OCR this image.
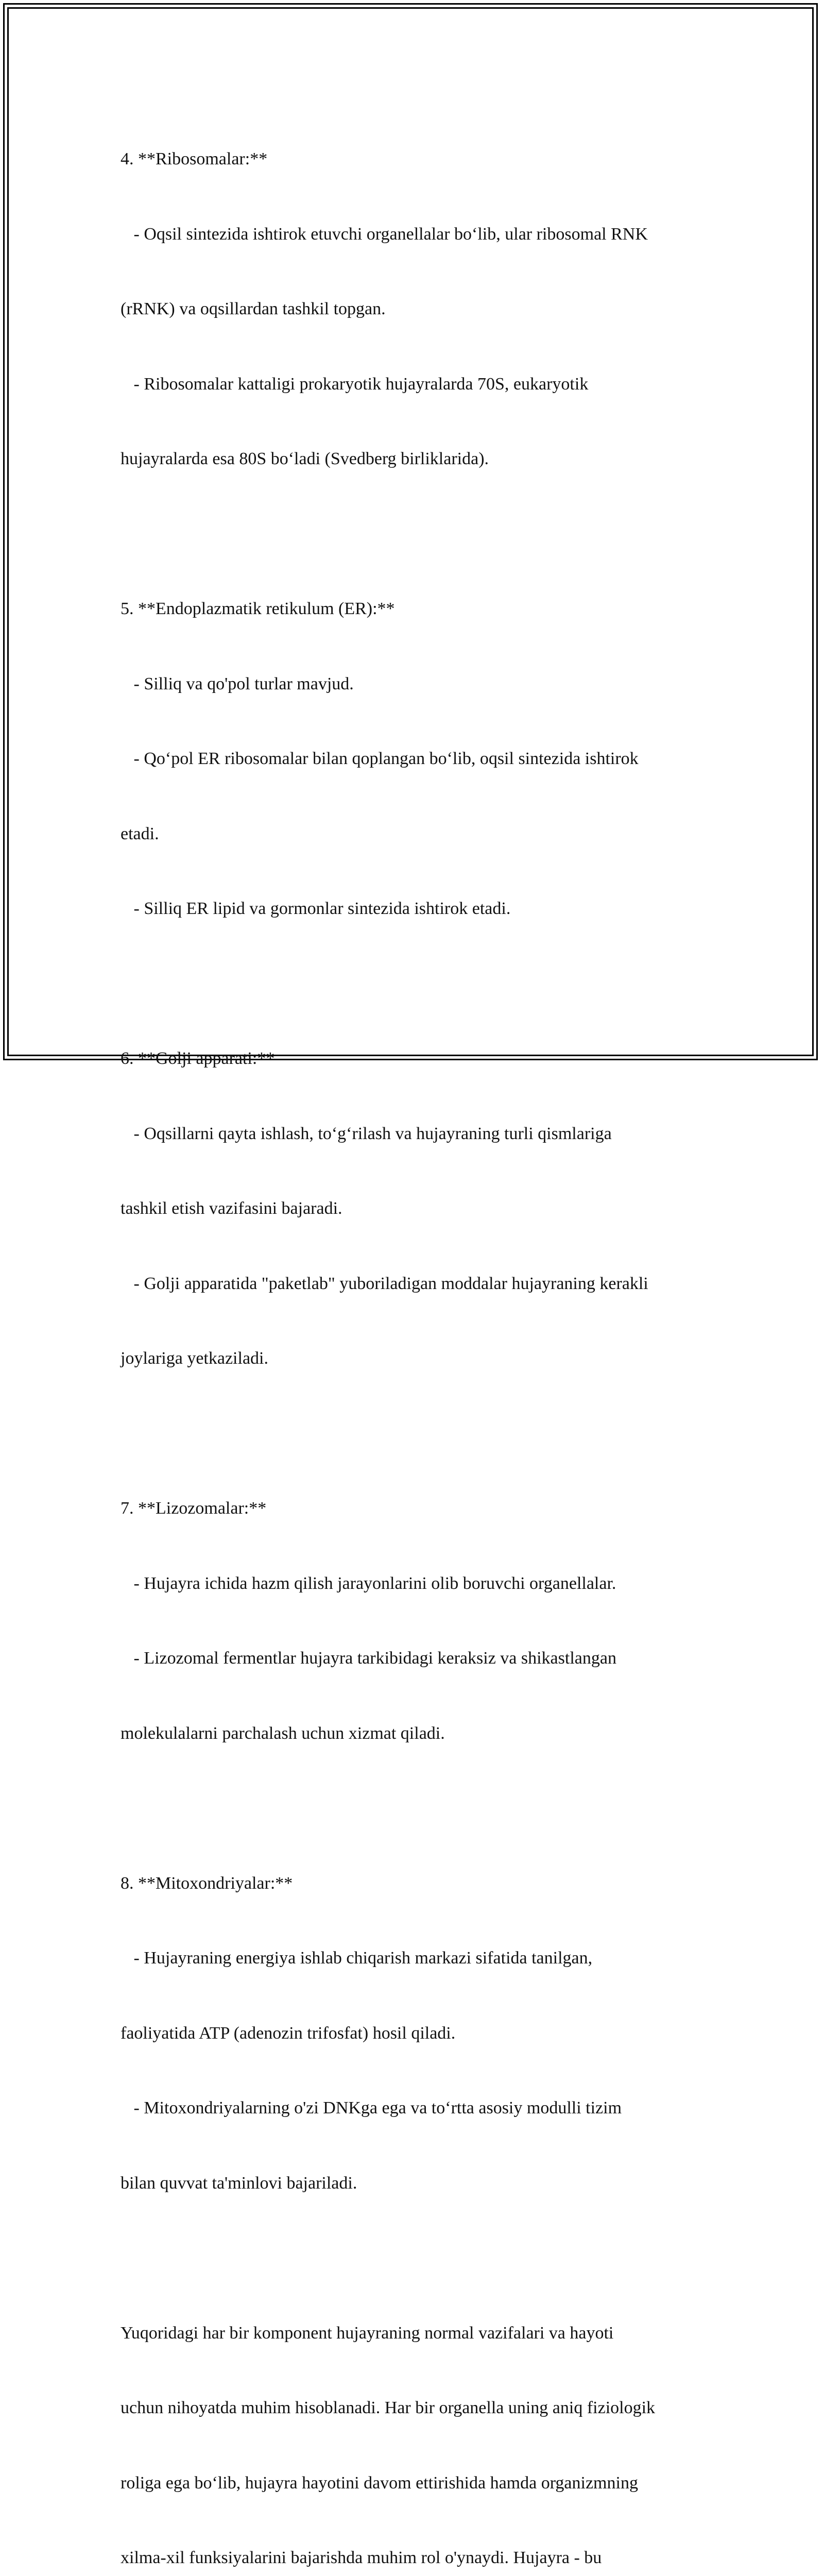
4. **Ribosomalar:**

- Oqsil sintezida ishtirok etuvchi organellalar bo‘lib, ular ribosomal RNK

(rRNK) va oqsillardan tashkil topgan.

- Ribosomalar kattaligi prokaryotik hujayralarda 70S, eukaryotik

hujayralarda esa 80S bo‘ladi (Svedberg birliklarida).

5. **Endoplazmatik retikulum (ER):**

- Silliq va qo'pol turlar mavjud.

- Qo‘pol ER ribosomalar bilan qoplangan bo‘lib, oqsil sintezida ishtirok

etadi.

- Silliq ER lipid va gormonlar sintezida ishtirok etadi.

6. **Golji apparati:**

- Oqsillarni qayta ishlash, to‘g‘rilash va hujayraning turli qismlariga

tashkil etish vazifasini bajaradi.

- Golji apparatida "paketlab" yuboriladigan moddalar hujayraning kerakli

joylariga yetkaziladi.

7. **Lizozomalar:**

- Hujayra ichida hazm qilish jarayonlarini olib boruvchi organellalar.

- Lizozomal fermentlar hujayra tarkibidagi keraksiz va shikastlangan

molekulalarni parchalash uchun xizmat qiladi.

8. **Mitoxondriyalar:**

- Hujayraning energiya ishlab chiqarish markazi sifatida tanilgan,

faoliyatida ATP (adenozin trifosfat) hosil qiladi.

- Mitoxondriyalarning o'zi DNKga ega va to‘rtta asosiy modulli tizim

bilan quvvat ta'minlovi bajariladi.

Yuqoridagi har bir komponent hujayraning normal vazifalari va hayoti

uchun nihoyatda muhim hisoblanadi. Har bir organella uning aniq fiziologik

roliga ega bo‘lib, hujayra hayotini davom ettirishida hamda organizmning

xilma-xil funksiyalarini bajarishda muhim rol o'ynaydi. Hujayra - bu
